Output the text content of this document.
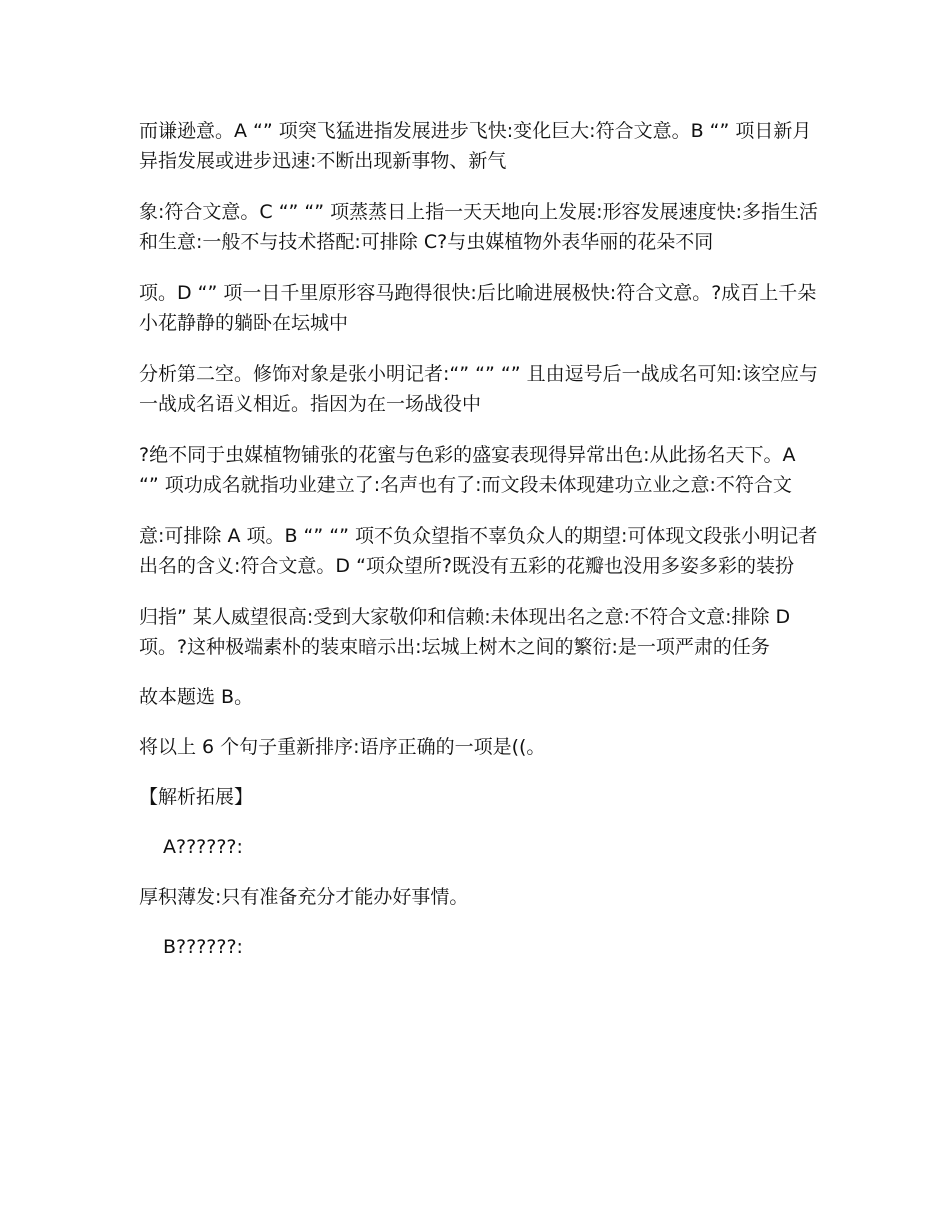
而谦逊意。A “” 项突飞猛进指发展进步飞快:变化巨大:符合文意。B “” 项日新月异指发展或进步迅速:不断出现新事物、新气

象:符合文意。C “” “” 项蒸蒸日上指一天天地向上发展:形容发展速度快:多指生活和生意:一般不与技术搭配:可排除 C?与虫媒植物外表华丽的花朵不同

项。D “” 项一日千里原形容马跑得很快:后比喻进展极快:符合文意。?成百上千朵小花静静的躺卧在坛城中

分析第二空。修饰对象是张小明记者:“” “” “” 且由逗号后一战成名可知:该空应与一战成名语义相近。指因为在一场战役中

?绝不同于虫媒植物铺张的花蜜与色彩的盛宴表现得异常出色:从此扬名天下。A “” 项功成名就指功业建立了:名声也有了:而文段未体现建功立业之意:不符合文

意:可排除 A 项。B “” “” 项不负众望指不辜负众人的期望:可体现文段张小明记者出名的含义:符合文意。D “项众望所?既没有五彩的花瓣也没用多姿多彩的装扮

归指” 某人威望很高:受到大家敬仰和信赖:未体现出名之意:不符合文意:排除 D 项。?这种极端素朴的装束暗示出:坛城上树木之间的繁衍:是一项严肃的任务

故本题选 B。

将以上 6 个句子重新排序:语序正确的一项是((。

【解析拓展】

A??????:

厚积薄发:只有准备充分才能办好事情。

B??????:
